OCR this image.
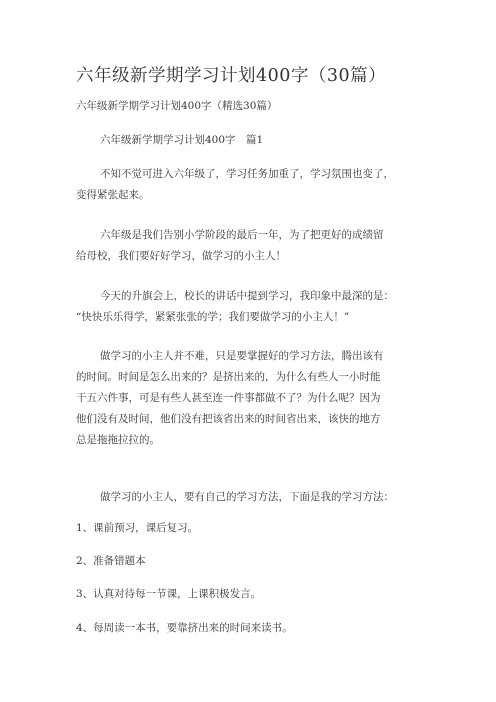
六年级新学期学习计划400字（30篇）
六年级新学期学习计划400字（精选30篇）
六年级新学期学习计划400字　篇1
不知不觉可进入六年级了，学习任务加重了，学习氛围也变了，
变得紧张起来。
六年级是我们告别小学阶段的最后一年，为了把更好的成绩留
给母校，我们要好好学习，做学习的小主人！
今天的升旗会上，校长的讲话中提到学习，我印象中最深的是：
“快快乐乐得学，紧紧张张的学；我们要做学习的小主人！”
做学习的小主人并不难，只是要掌握好的学习方法，腾出该有
的时间。时间是怎么出来的？是挤出来的，为什么有些人一小时能
干五六件事，可是有些人甚至连一件事都做不了？为什么呢？因为
他们没有及时间，他们没有把该省出来的时间省出来，该快的地方
总是拖拖拉拉的。
做学习的小主人，要有自己的学习方法，下面是我的学习方法：
1、课前预习，课后复习。
2、准备错题本
3、认真对待每一节课，上课积极发言。
4、每周读一本书，要靠挤出来的时间来读书。
